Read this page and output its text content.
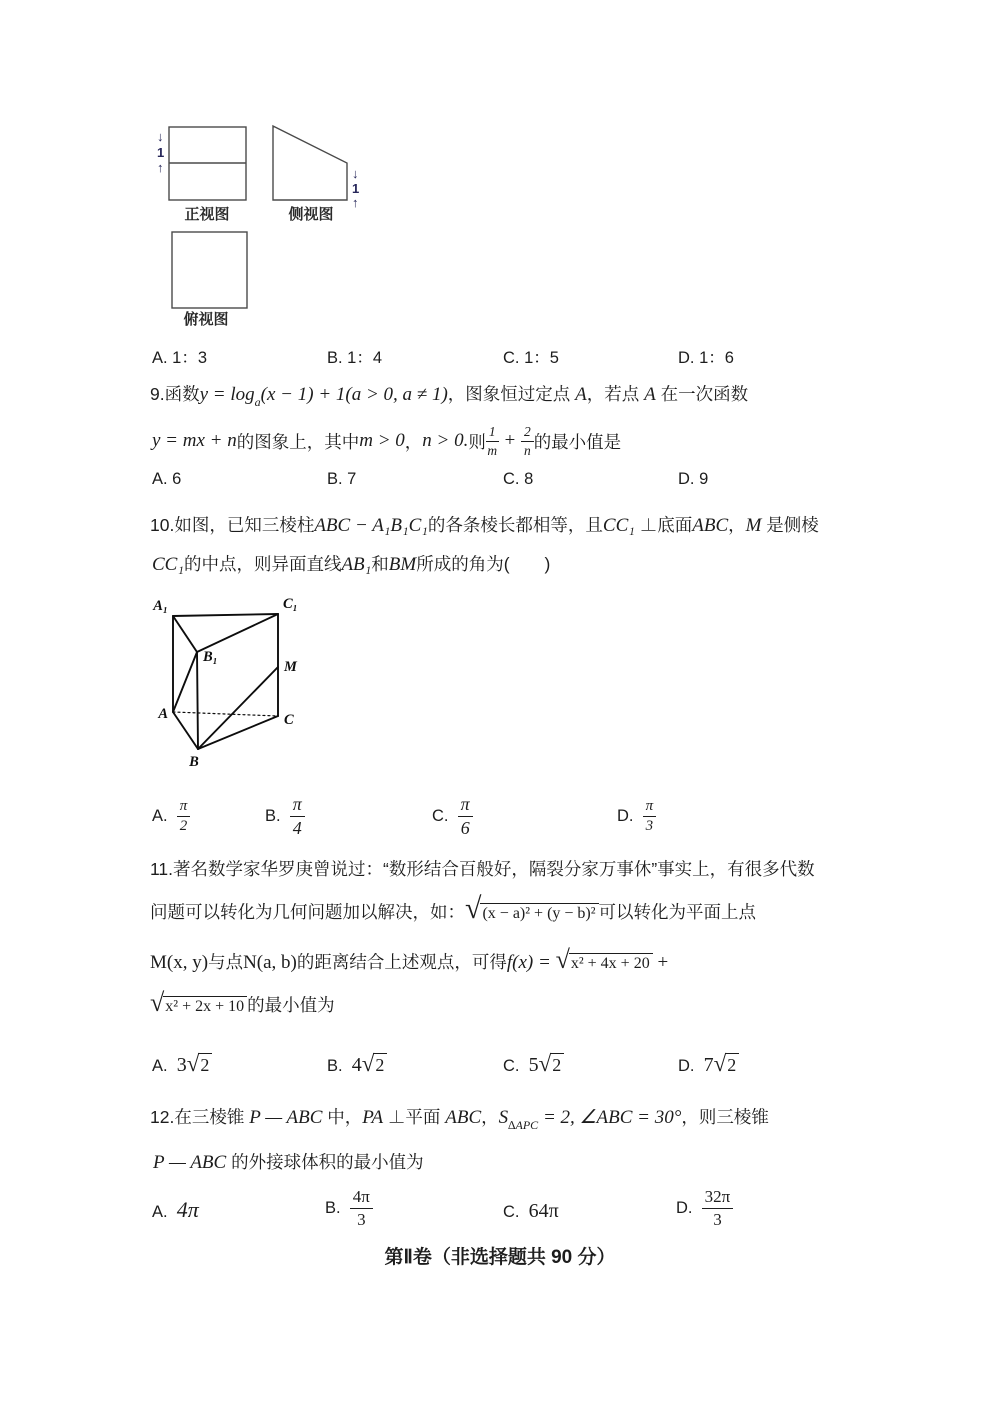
↓
1
↑	↓
1
↑
正视图	侧视图
俯视图
A. 1：3	B. 1：4	C. 1：5	D. 1：6
9. 函数 y = log a (x − 1) + 1(a > 0, a ≠ 1) ，图象恒过定点 A ，若点 A 在一次函数
y = mx + n 的图象上，其中 m > 0 ， n > 0. 则 $\frac{1}{m} + \frac{2}{n}$ 的最小值是
A. 6	B. 7	C. 8	D. 9
10. 如图，已知三棱柱 ABC − A₁B₁C₁ 的各条棱长都相等，且 CC₁ ⊥底面 ABC ， M 是侧棱
CC₁ 的中点，则异面直线 AB₁ 和 BM 所成的角为(　　)
A₁	C₁
B₁
M
A	C
B
A. $\frac{\pi}{2}$	B. $\frac{\pi}{4}$	C. $\frac{\pi}{6}$	D. $\frac{\pi}{3}$
11. 著名数学家华罗庚曾说过：“数形结合百般好，隔裂分家万事休”事实上，有很多代数
问题可以转化为几何问题加以解决，如： √ (x − a)² + (y − b)² 可以转化为平面上点
M(x, y) 与点 N(a, b) 的距离结合上述观点，可得 f(x) = √ x² + 4x + 20 +
√ x² + 2x + 10 的最小值为
A. 3 √ 2	B. 4 √ 2	C. 5 √ 2	D. 7 √ 2
12. 在三棱锥 P — ABC 中， PA ⊥平面 ABC ， S ∆APC = 2, ∠ABC = 30° ，则三棱锥
P — ABC 的外接球体积的最小值为
A. 4π	B. $\frac{4\pi}{3}$	C. 64π	D. $\frac{32\pi}{3}$
第Ⅱ卷（非选择题共 90 分）
